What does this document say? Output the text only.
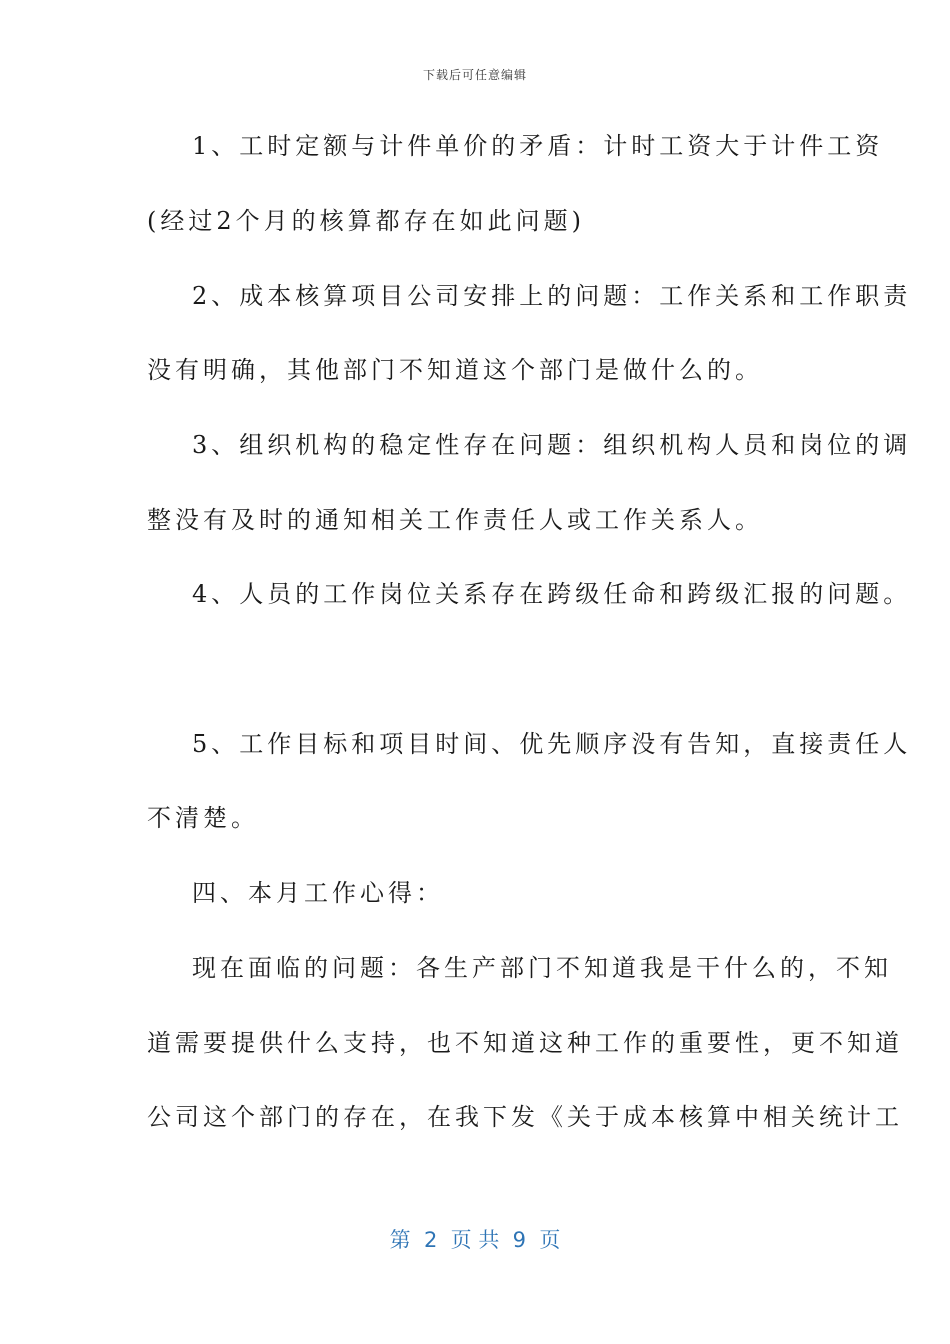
下载后可任意编辑
1、工时定额与计件单价的矛盾：计时工资大于计件工资
(经过2个月的核算都存在如此问题)
2、成本核算项目公司安排上的问题：工作关系和工作职责
没有明确，其他部门不知道这个部门是做什么的。
3、组织机构的稳定性存在问题：组织机构人员和岗位的调
整没有及时的通知相关工作责任人或工作关系人。
4、人员的工作岗位关系存在跨级任命和跨级汇报的问题。
5、工作目标和项目时间、优先顺序没有告知，直接责任人
不清楚。
四、本月工作心得：
现在面临的问题：各生产部门不知道我是干什么的，不知
道需要提供什么支持，也不知道这种工作的重要性，更不知道
公司这个部门的存在，在我下发《关于成本核算中相关统计工
第  2  页 共  9  页
